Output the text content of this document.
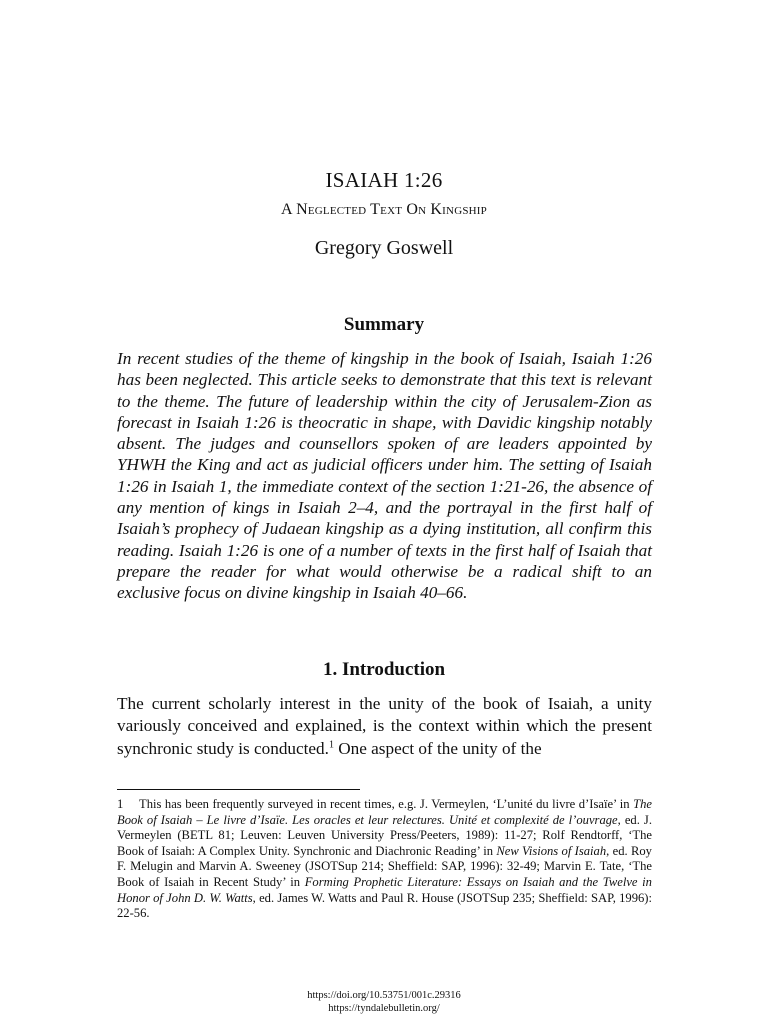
ISAIAH 1:26
A Neglected Text On Kingship
Gregory Goswell
Summary
In recent studies of the theme of kingship in the book of Isaiah, Isaiah 1:26 has been neglected. This article seeks to demonstrate that this text is relevant to the theme. The future of leadership within the city of Jerusalem-Zion as forecast in Isaiah 1:26 is theocratic in shape, with Davidic kingship notably absent. The judges and counsellors spoken of are leaders appointed by YHWH the King and act as judicial officers under him. The setting of Isaiah 1:26 in Isaiah 1, the immediate context of the section 1:21-26, the absence of any mention of kings in Isaiah 2–4, and the portrayal in the first half of Isaiah’s prophecy of Judaean kingship as a dying institution, all confirm this reading. Isaiah 1:26 is one of a number of texts in the first half of Isaiah that prepare the reader for what would otherwise be a radical shift to an exclusive focus on divine kingship in Isaiah 40–66.
1. Introduction
The current scholarly interest in the unity of the book of Isaiah, a unity variously conceived and explained, is the context within which the present synchronic study is conducted.$^1$ One aspect of the unity of the
1 This has been frequently surveyed in recent times, e.g. J. Vermeylen, ‘L’unité du livre d’Isaïe’ in The Book of Isaiah – Le livre d’Isaïe. Les oracles et leur relectures. Unité et complexité de l’ouvrage, ed. J. Vermeylen (BETL 81; Leuven: Leuven University Press/Peeters, 1989): 11-27; Rolf Rendtorff, ‘The Book of Isaiah: A Complex Unity. Synchronic and Diachronic Reading’ in New Visions of Isaiah, ed. Roy F. Melugin and Marvin A. Sweeney (JSOTSup 214; Sheffield: SAP, 1996): 32-49; Marvin E. Tate, ‘The Book of Isaiah in Recent Study’ in Forming Prophetic Literature: Essays on Isaiah and the Twelve in Honor of John D. W. Watts, ed. James W. Watts and Paul R. House (JSOTSup 235; Sheffield: SAP, 1996): 22-56.
https://doi.org/10.53751/001c.29316
https://tyndalebulletin.org/
